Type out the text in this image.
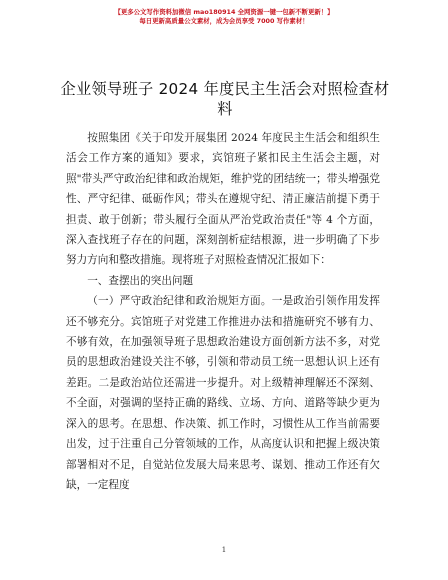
【更多公文写作资料加微信 mao180914 全网资源一键一包新不断更新！】
每日更新高质量公文素材，成为会员享受 7000 写作素材！
企业领导班子 2024 年度民主生活会对照检查材料

按照集团《关于印发开展集团 2024 年度民主生活会和组织生活会工作方案的通知》要求，宾馆班子紧扣民主生活会主题，对照"带头严守政治纪律和政治规矩，维护党的团结统一；带头增强党性、严守纪律、砥砺作风；带头在遵规守纪、清正廉洁前提下勇于担责、敢于创新；带头履行全面从严治党政治责任"等 4 个方面，深入查找班子存在的问题，深刻剖析症结根源，进一步明确了下步努力方向和整改措施。现将班子对照检查情况汇报如下：

一、查摆出的突出问题

（一）严守政治纪律和政治规矩方面。一是政治引领作用发挥还不够充分。宾馆班子对党建工作推进办法和措施研究不够有力、不够有效，在加强领导班子思想政治建设方面创新方法不多，对党员的思想政治建设关注不够，引领和带动员工统一思想认识上还有差距。二是政治站位还需进一步提升。对上级精神理解还不深刻、不全面，对强调的坚持正确的路线、立场、方向、道路等缺少更为深入的思考。在思想、作决策、抓工作时，习惯性从工作当前需要出发，过于注重自己分管领域的工作，从高度认识和把握上级决策部署相对不足，自觉站位发展大局来思考、谋划、推动工作还有欠缺，一定程度

1
